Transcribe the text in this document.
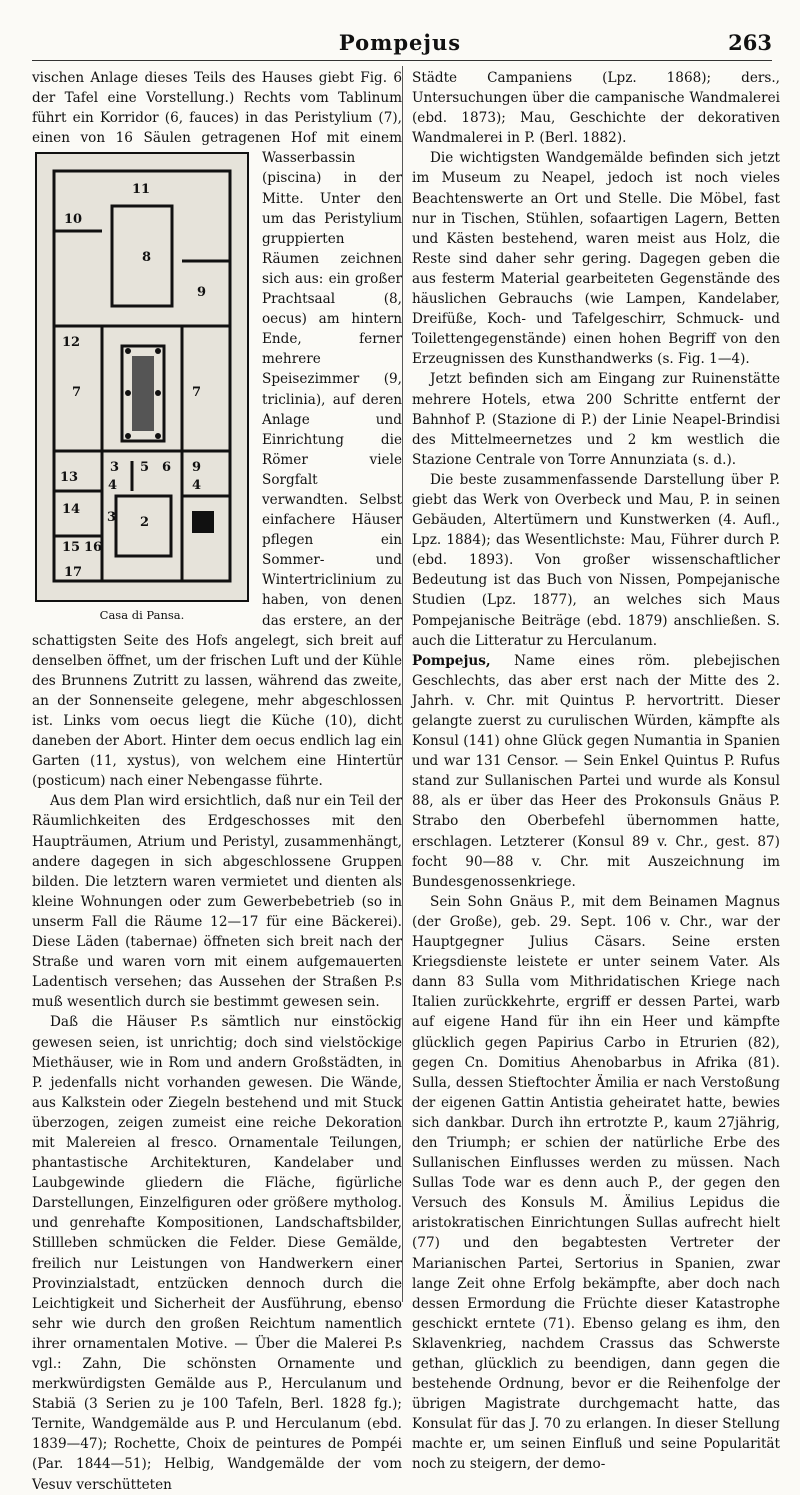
Pompejus	263

vischen Anlage dieses Teils des Hauses giebt Fig. 6 der Tafel eine Vorstellung.) Rechts vom Tablinum führt ein Korridor (6, fauces) in das Peristylium (7), einen von 16 Säulen getragenen Hof mit einem
11
8
10
9
7	7
12
3 5 6 9
13
4	4
14
15 16
3 2
17
Casa di Pansa.
Wasserbassin (piscina) in der Mitte. Unter den um das Peristylium gruppierten Räumen zeichnen sich aus: ein großer Prachtsaal (8, oecus) am hintern Ende, ferner mehrere Speisezimmer (9, triclinia), auf deren Anlage und Einrichtung die Römer viele Sorgfalt verwandten. Selbst einfachere Häuser pflegen ein Sommer- und Wintertriclinium zu haben, von denen das erstere, an der schattigsten Seite des Hofs angelegt, sich breit auf denselben öffnet, um der frischen Luft und der Kühle des Brunnens Zutritt zu lassen, während das zweite, an der Sonnenseite gelegene, mehr abgeschlossen ist. Links vom oecus liegt die Küche (10), dicht daneben der Abort. Hinter dem oecus endlich lag ein Garten (11, xystus), von welchem eine Hintertür (posticum) nach einer Nebengasse führte.

Aus dem Plan wird ersichtlich, daß nur ein Teil der Räumlichkeiten des Erdgeschosses mit den Haupträumen, Atrium und Peristyl, zusammenhängt, andere dagegen in sich abgeschlossene Gruppen bilden. Die letztern waren vermietet und dienten als kleine Wohnungen oder zum Gewerbebetrieb (so in unserm Fall die Räume 12—17 für eine Bäckerei). Diese Läden (tabernae) öffneten sich breit nach der Straße und waren vorn mit einem aufgemauerten Ladentisch versehen; das Aussehen der Straßen P.s muß wesentlich durch sie bestimmt gewesen sein.

Daß die Häuser P.s sämtlich nur einstöckig gewesen seien, ist unrichtig; doch sind vielstöckige Miethäuser, wie in Rom und andern Großstädten, in P. jedenfalls nicht vorhanden gewesen. Die Wände, aus Kalkstein oder Ziegeln bestehend und mit Stuck überzogen, zeigen zumeist eine reiche Dekoration mit Malereien al fresco. Ornamentale Teilungen, phantastische Architekturen, Kandelaber und Laubgewinde gliedern die Fläche, figürliche Darstellungen, Einzelfiguren oder größere mytholog. und genrehafte Kompositionen, Landschaftsbilder, Stillleben schmücken die Felder. Diese Gemälde, freilich nur Leistungen von Handwerkern einer Provinzialstadt, entzücken dennoch durch die Leichtigkeit und Sicherheit der Ausführung, ebenso sehr wie durch den großen Reichtum namentlich ihrer ornamentalen Motive. — Über die Malerei P.s vgl.: Zahn, Die schönsten Ornamente und merkwürdigsten Gemälde aus P., Herculanum und Stabiä (3 Serien zu je 100 Tafeln, Berl. 1828 fg.); Ternite, Wandgemälde aus P. und Herculanum (ebd. 1839—47); Rochette, Choix de peintures de Pompéi (Par. 1844—51); Helbig, Wandgemälde der vom Vesuv verschütteten

Städte Campaniens (Lpz. 1868); ders., Untersuchungen über die campanische Wandmalerei (ebd. 1873); Mau, Geschichte der dekorativen Wandmalerei in P. (Berl. 1882).

Die wichtigsten Wandgemälde befinden sich jetzt im Museum zu Neapel, jedoch ist noch vieles Beachtenswerte an Ort und Stelle. Die Möbel, fast nur in Tischen, Stühlen, sofaartigen Lagern, Betten und Kästen bestehend, waren meist aus Holz, die Reste sind daher sehr gering. Dagegen geben die aus festerm Material gearbeiteten Gegenstände des häuslichen Gebrauchs (wie Lampen, Kandelaber, Dreifüße, Koch- und Tafelgeschirr, Schmuck- und Toilettengegenstände) einen hohen Begriff von den Erzeugnissen des Kunsthandwerks (s. Fig. 1—4).

Jetzt befinden sich am Eingang zur Ruinenstätte mehrere Hotels, etwa 200 Schritte entfernt der Bahnhof P. (Stazione di P.) der Linie Neapel-Brindisi des Mittelmeernetzes und 2 km westlich die Stazione Centrale von Torre Annunziata (s. d.).

Die beste zusammenfassende Darstellung über P. giebt das Werk von Overbeck und Mau, P. in seinen Gebäuden, Altertümern und Kunstwerken (4. Aufl., Lpz. 1884); das Wesentlichste: Mau, Führer durch P. (ebd. 1893). Von großer wissenschaftlicher Bedeutung ist das Buch von Nissen, Pompejanische Studien (Lpz. 1877), an welches sich Maus Pompejanische Beiträge (ebd. 1879) anschließen. S. auch die Litteratur zu Herculanum.

Pompejus, Name eines röm. plebejischen Geschlechts, das aber erst nach der Mitte des 2. Jahrh. v. Chr. mit Quintus P. hervortritt. Dieser gelangte zuerst zu curulischen Würden, kämpfte als Konsul (141) ohne Glück gegen Numantia in Spanien und war 131 Censor. — Sein Enkel Quintus P. Rufus stand zur Sullanischen Partei und wurde als Konsul 88, als er über das Heer des Prokonsuls Gnäus P. Strabo den Oberbefehl übernommen hatte, erschlagen. Letzterer (Konsul 89 v. Chr., gest. 87) focht 90—88 v. Chr. mit Auszeichnung im Bundesgenossenkriege.

Sein Sohn Gnäus P., mit dem Beinamen Magnus (der Große), geb. 29. Sept. 106 v. Chr., war der Hauptgegner Julius Cäsars. Seine ersten Kriegsdienste leistete er unter seinem Vater. Als dann 83 Sulla vom Mithridatischen Kriege nach Italien zurückkehrte, ergriff er dessen Partei, warb auf eigene Hand für ihn ein Heer und kämpfte glücklich gegen Papirius Carbo in Etrurien (82), gegen Cn. Domitius Ahenobarbus in Afrika (81). Sulla, dessen Stieftochter Ämilia er nach Verstoßung der eigenen Gattin Antistia geheiratet hatte, bewies sich dankbar. Durch ihn ertrotzte P., kaum 27jährig, den Triumph; er schien der natürliche Erbe des Sullanischen Einflusses werden zu müssen. Nach Sullas Tode war es denn auch P., der gegen den Versuch des Konsuls M. Ämilius Lepidus die aristokratischen Einrichtungen Sullas aufrecht hielt (77) und den begabtesten Vertreter der Marianischen Partei, Sertorius in Spanien, zwar lange Zeit ohne Erfolg bekämpfte, aber doch nach dessen Ermordung die Früchte dieser Katastrophe geschickt erntete (71). Ebenso gelang es ihm, den Sklavenkrieg, nachdem Crassus das Schwerste gethan, glücklich zu beendigen, dann gegen die bestehende Ordnung, bevor er die Reihenfolge der übrigen Magistrate durchgemacht hatte, das Konsulat für das J. 70 zu erlangen. In dieser Stellung machte er, um seinen Einfluß und seine Popularität noch zu steigern, der demo-
